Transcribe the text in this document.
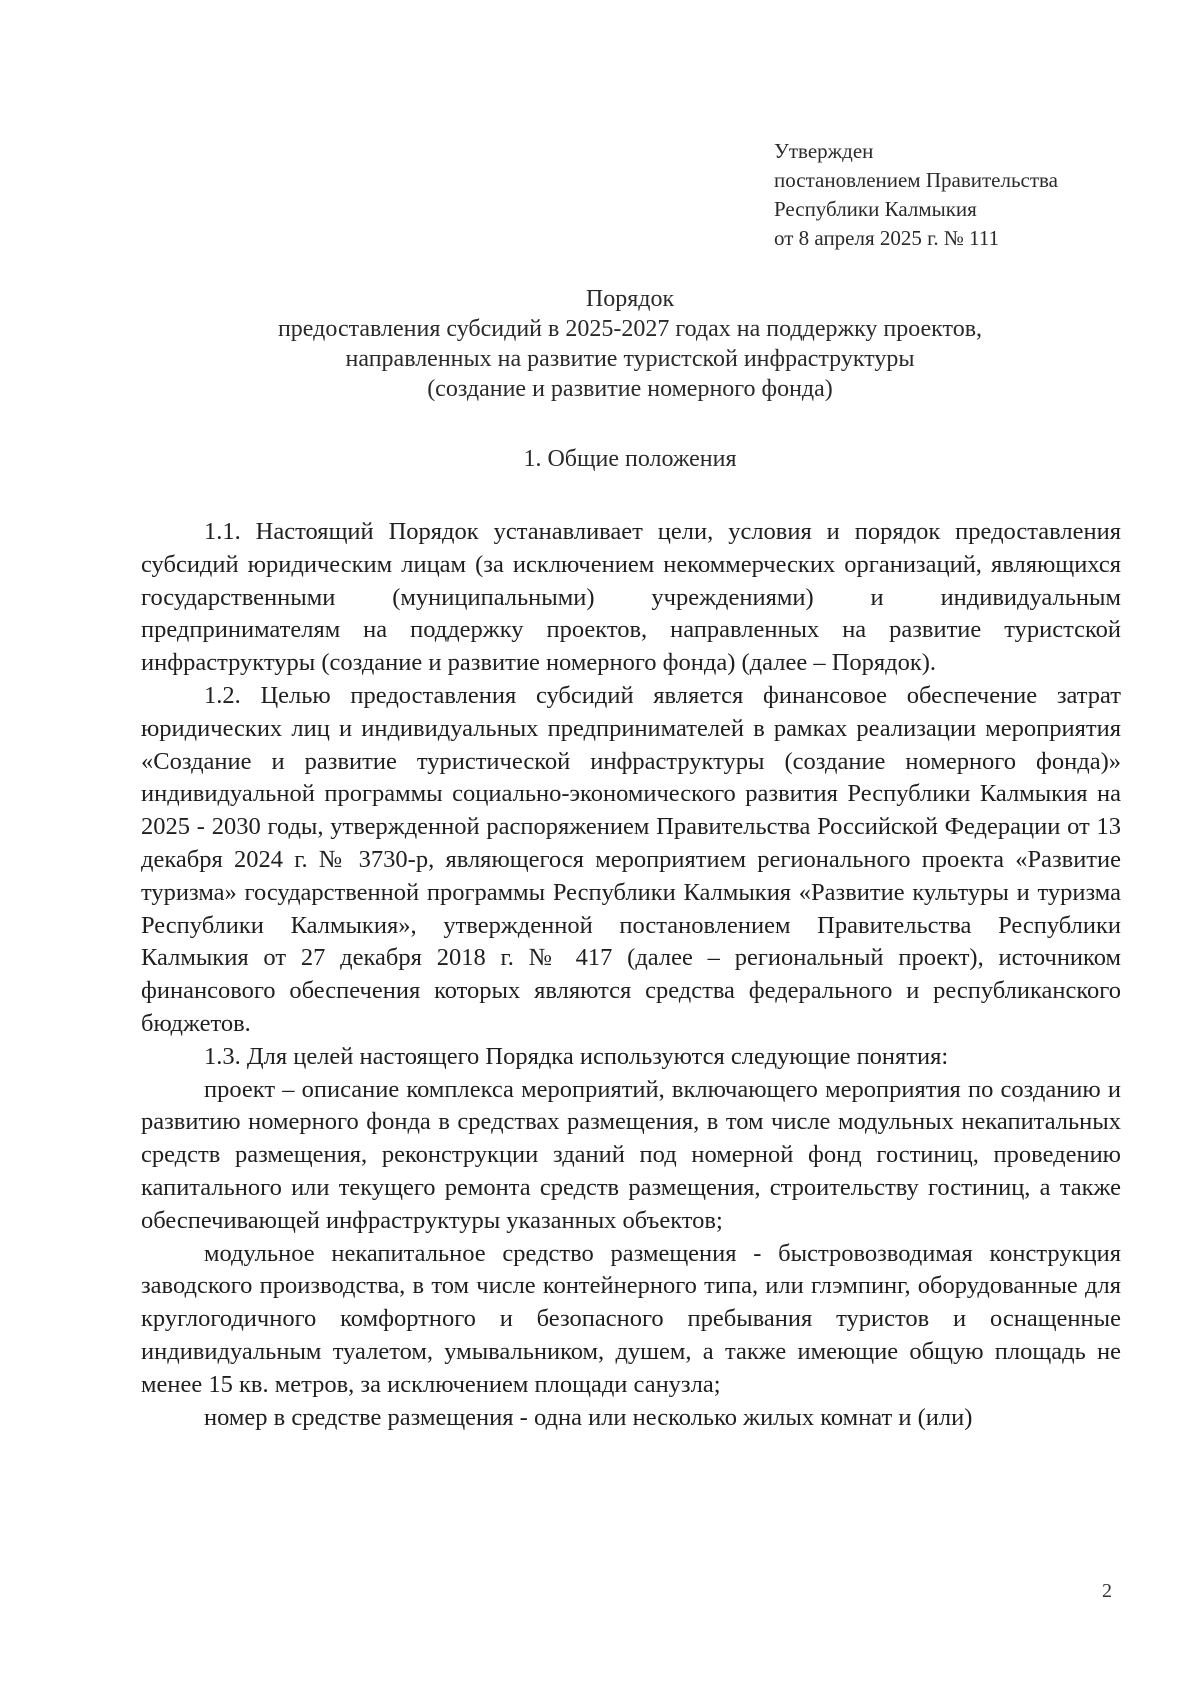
Утвержден
постановлением Правительства
Республики Калмыкия
от 8 апреля 2025 г. № 111
Порядок
предоставления субсидий в 2025-2027 годах на поддержку проектов,
направленных на развитие туристской инфраструктуры
(создание и развитие номерного фонда)
1. Общие положения

1.1. Настоящий Порядок устанавливает цели, условия и порядок предоставления субсидий юридическим лицам (за исключением некоммерческих организаций, являющихся государственными (муниципальными) учреждениями) и индивидуальным предпринимателям на поддержку проектов, направленных на развитие туристской инфраструктуры (создание и развитие номерного фонда) (далее – Порядок).

1.2. Целью предоставления субсидий является финансовое обеспечение затрат юридических лиц и индивидуальных предпринимателей в рамках реализации мероприятия «Создание и развитие туристической инфраструктуры (создание номерного фонда)» индивидуальной программы социально-экономического развития Республики Калмыкия на 2025 - 2030 годы, утвержденной распоряжением Правительства Российской Федерации от 13 декабря 2024 г. № 3730-р, являющегося мероприятием регионального проекта «Развитие туризма» государственной программы Республики Калмыкия «Развитие культуры и туризма Республики Калмыкия», утвержденной постановлением Правительства Республики Калмыкия от 27 декабря 2018 г. № 417 (далее – региональный проект), источником финансового обеспечения которых являются средства федерального и республиканского бюджетов.

1.3. Для целей настоящего Порядка используются следующие понятия:

проект – описание комплекса мероприятий, включающего мероприятия по созданию и развитию номерного фонда в средствах размещения, в том числе модульных некапитальных средств размещения, реконструкции зданий под номерной фонд гостиниц, проведению капитального или текущего ремонта средств размещения, строительству гостиниц, а также обеспечивающей инфраструктуры указанных объектов;

модульное некапитальное средство размещения - быстровозводимая конструкция заводского производства, в том числе контейнерного типа, или глэмпинг, оборудованные для круглогодичного комфортного и безопасного пребывания туристов и оснащенные индивидуальным туалетом, умывальником, душем, а также имеющие общую площадь не менее 15 кв. метров, за исключением площади санузла;

номер в средстве размещения - одна или несколько жилых комнат и (или)

2
